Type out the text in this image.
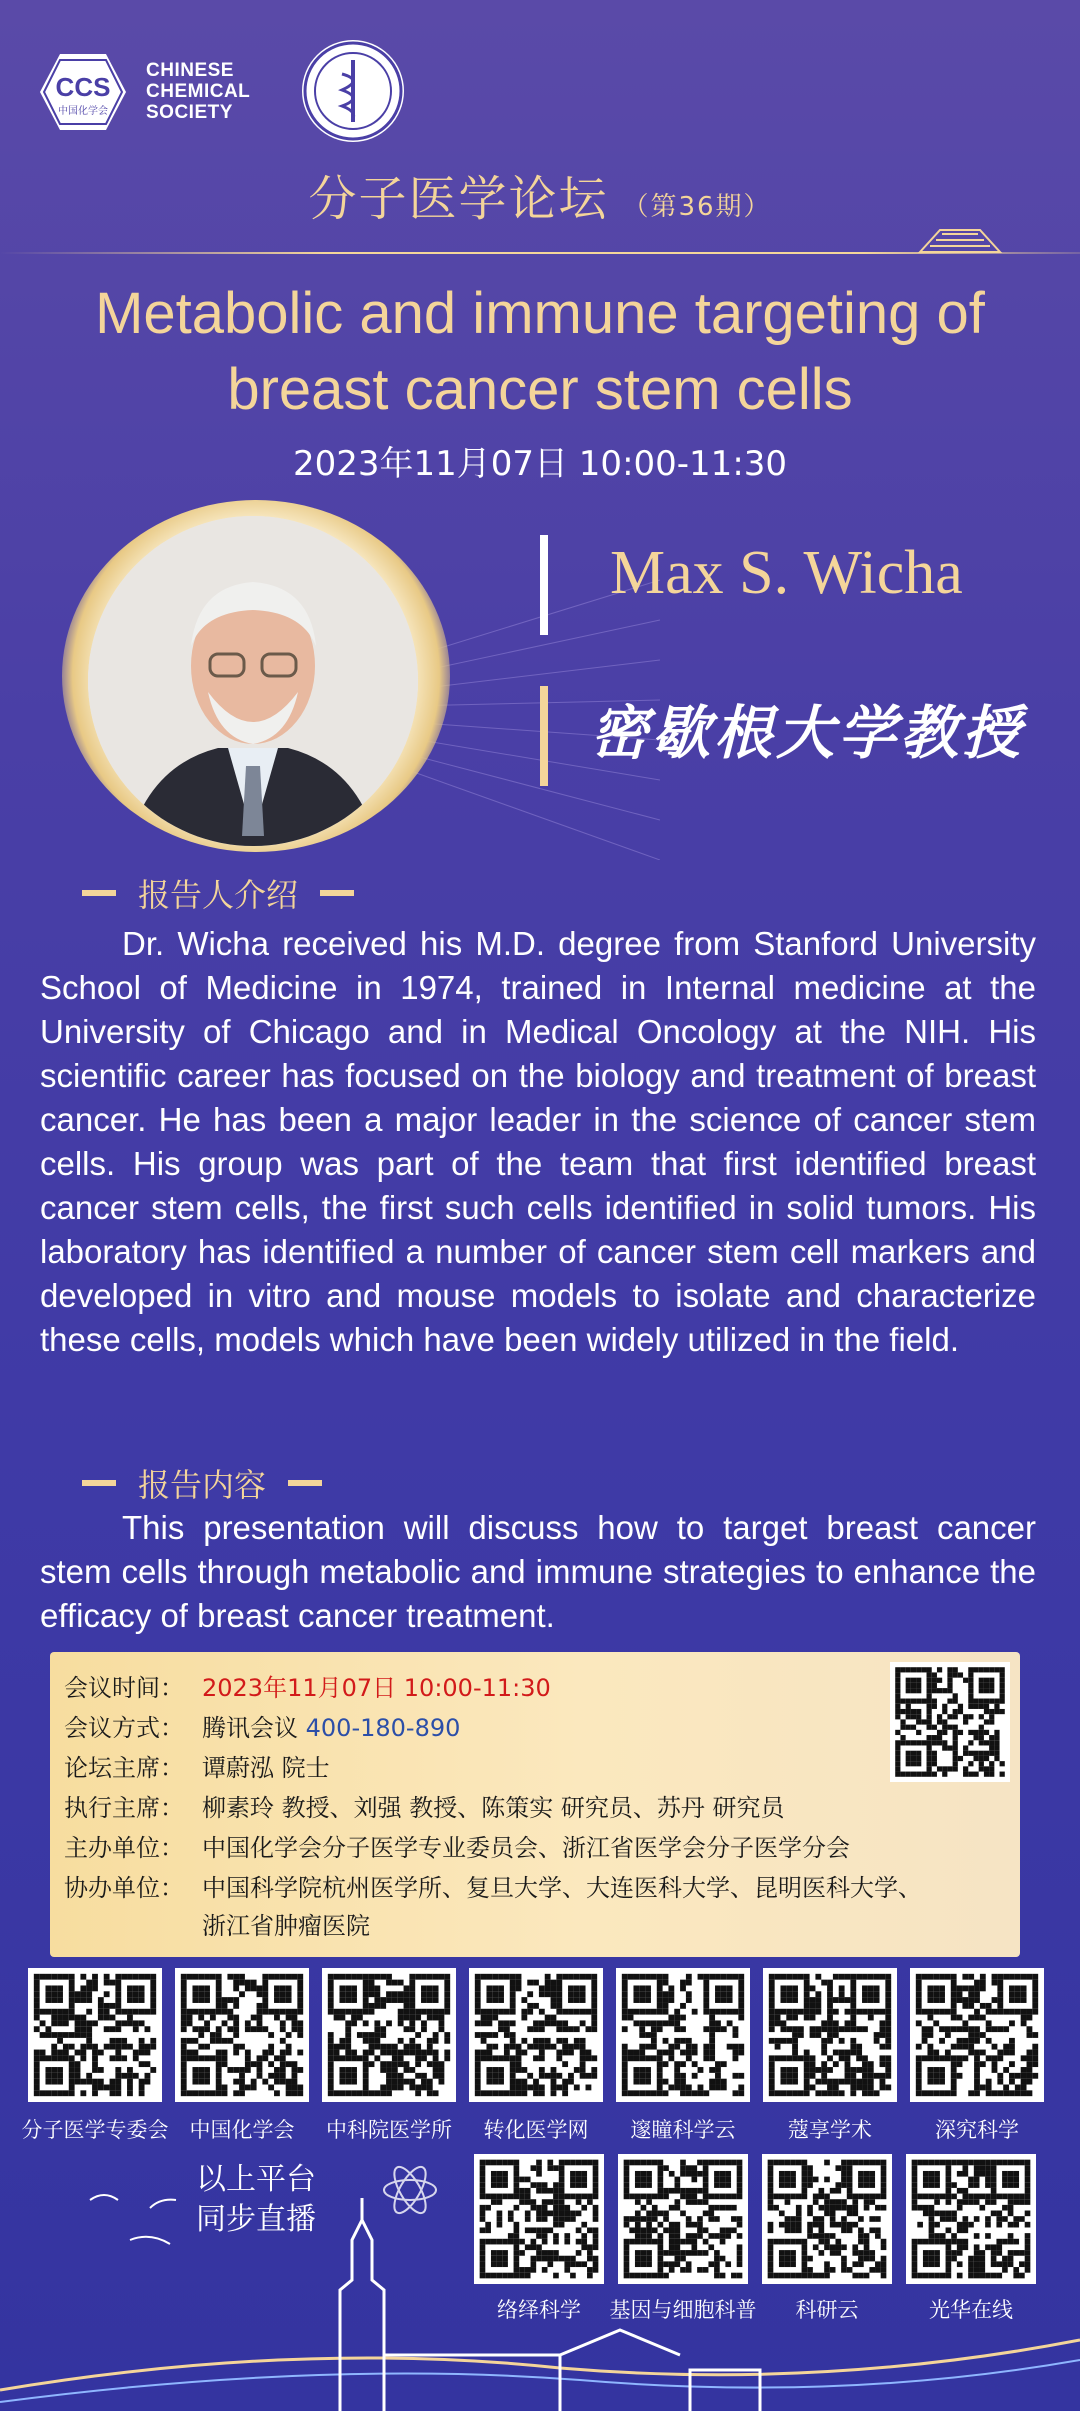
CCS
中国化学会
CHINESE
CHEMICAL
SOCIETY
分子医学论坛 （第36期）
Metabolic and immune targeting of
breast cancer stem cells
2023年11月07日 10:00-11:30
Max S. Wicha
密歇根大学教授
报告人介绍
Dr. Wicha received his M.D. degree from Stanford University School of Medicine in 1974, trained in Internal medicine at the University of Chicago and in Medical Oncology at the NIH. His scientific career has focused on the biology and treatment of breast cancer. He has been a major leader in the science of cancer stem cells. His group was part of the team that first identified breast cancer stem cells, the first such cells identified in solid tumors. His laboratory has identified a number of cancer stem cell markers and developed in vitro and mouse models to isolate and characterize these cells, models which have been widely utilized in the field.
报告内容
This presentation will discuss how to target breast cancer stem cells through metabolic and immune strategies to enhance the efficacy of breast cancer treatment.
会议时间： 2023年11月07日 10:00-11:30
会议方式： 腾讯会议 400-180-890
论坛主席： 谭蔚泓 院士
执行主席： 柳素玲 教授、刘强 教授、陈策实 研究员、苏丹 研究员
主办单位： 中国化学会分子医学专业委员会、浙江省医学会分子医学分会
协办单位： 中国科学院杭州医学所、复旦大学、大连医科大学、昆明医科大学、
浙江省肿瘤医院
以上平台
同步直播
分子医学专委会	中国化学会	中科院医学所	转化医学网	邃瞳科学云	蔻享学术	深究科学
络绎科学	基因与细胞科普	科研云	光华在线
